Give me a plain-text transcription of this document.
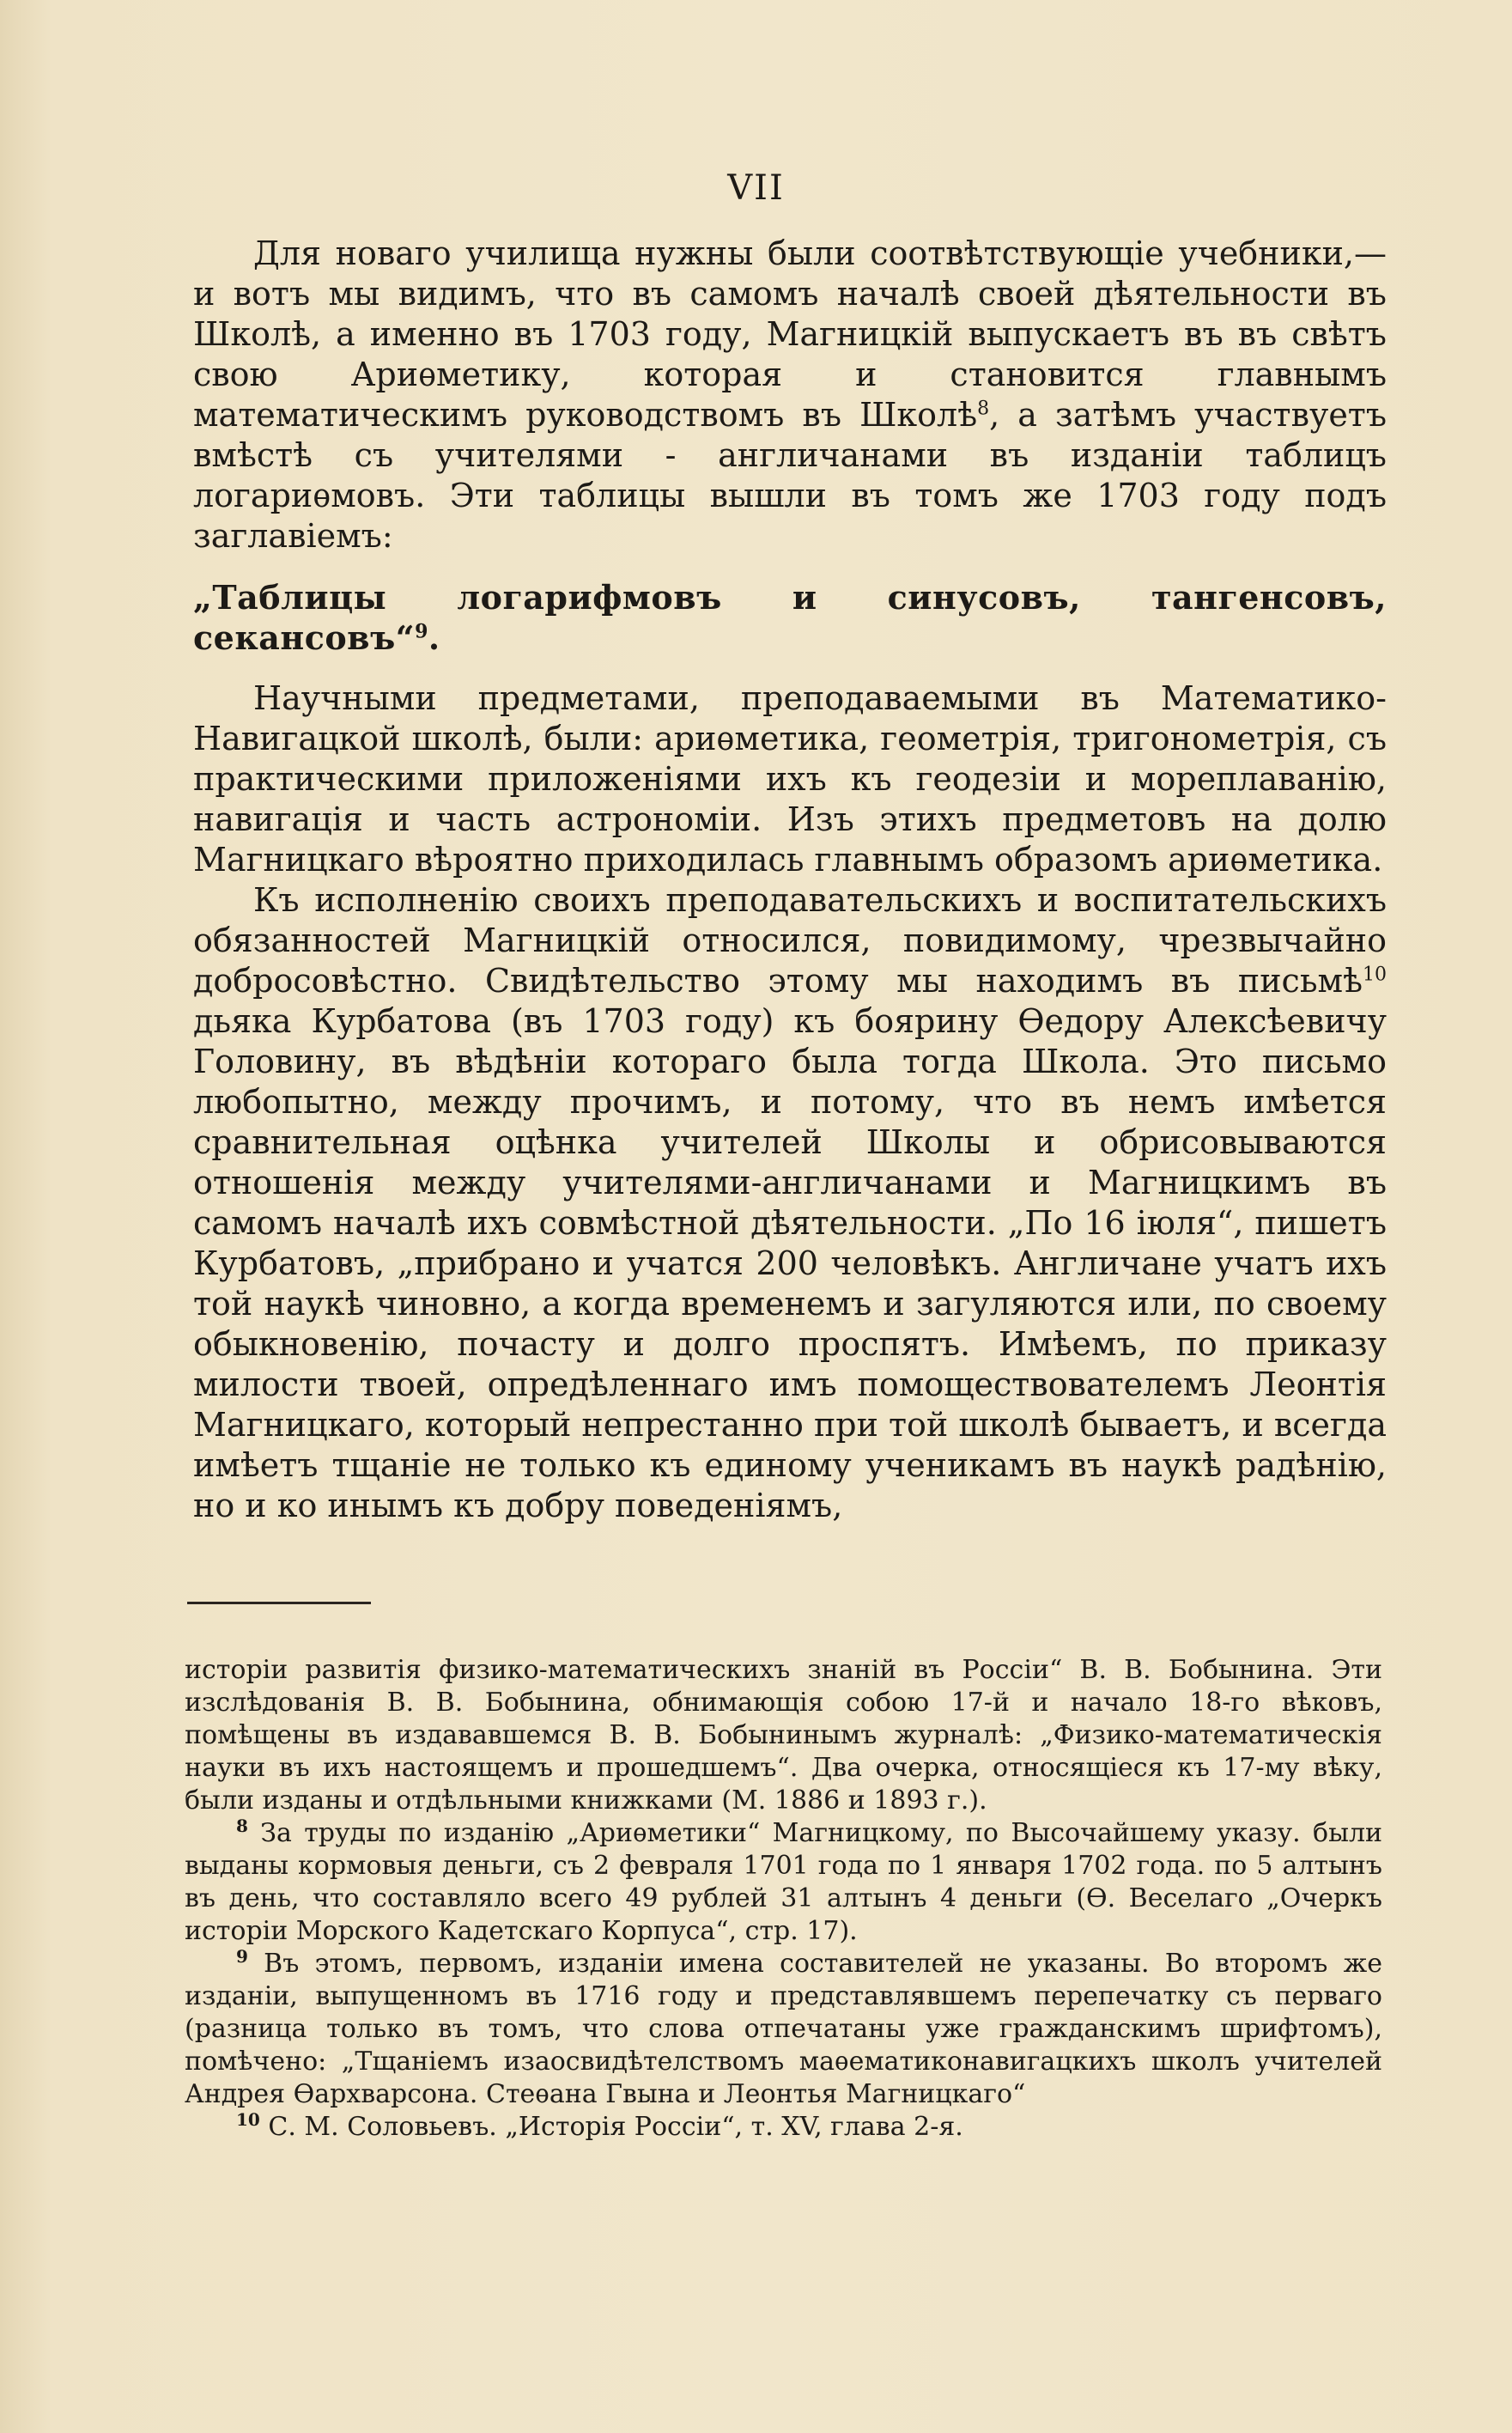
VII

Для новаго училища нужны были соотвѣтствующіе учебники,— и вотъ мы видимъ, что въ самомъ началѣ своей дѣятельности въ Школѣ, а именно въ 1703 году, Магницкій выпускаетъ въ въ свѣтъ свою Ариѳметику, которая и становится главнымъ математическимъ руководствомъ въ Школѣ$^8$, а затѣмъ участвуетъ вмѣстѣ съ учителями - англичанами въ изданіи таблицъ логариѳмовъ. Эти таблицы вышли въ томъ же 1703 году подъ заглавіемъ:

„Таблицы логарифмовъ и синусовъ, тангенсовъ, секансовъ“$^9$.

Научными предметами, преподаваемыми въ Математико-Навигацкой школѣ, были: ариѳметика, геометрія, тригонометрія, съ практическими приложеніями ихъ къ геодезіи и мореплаванію, навигація и часть астрономіи. Изъ этихъ предметовъ на долю Магницкаго вѣроятно приходилась главнымъ образомъ ариѳметика.

Къ исполненію своихъ преподавательскихъ и воспитательскихъ обязанностей Магницкій относился, повидимому, чрезвычайно добросовѣстно. Свидѣтельство этому мы находимъ въ письмѣ$^{10}$ дьяка Курбатова (въ 1703 году) къ боярину Ѳедору Алексѣевичу Головину, въ вѣдѣніи котораго была тогда Школа. Это письмо любопытно, между прочимъ, и потому, что въ немъ имѣется сравнительная оцѣнка учителей Школы и обрисовываются отношенія между учителями-англичанами и Магницкимъ въ самомъ началѣ ихъ совмѣстной дѣятельности. „По 16 іюля“, пишетъ Курбатовъ, „прибрано и учатся 200 человѣкъ. Англичане учатъ ихъ той наукѣ чиновно, а когда временемъ и загуляются или, по своему обыкновенію, почасту и долго проспятъ. Имѣемъ, по приказу милости твоей, опредѣленнаго имъ помоществователемъ Леонтія Магницкаго, который непрестанно при той школѣ бываетъ, и всегда имѣетъ тщаніе не только къ единому ученикамъ въ наукѣ радѣнію, но и ко инымъ къ добру поведеніямъ,

исторіи развитія физико-математическихъ знаній въ Россіи“ В. В. Бобынина. Эти изслѣдованія В. В. Бобынина, обнимающія собою 17-й и начало 18-го вѣковъ, помѣщены въ издававшемся В. В. Бобынинымъ журналѣ: „Физико-математическія науки въ ихъ настоящемъ и прошедшемъ“. Два очерка, относящіеся къ 17-му вѣку, были изданы и отдѣльными книжками (М. 1886 и 1893 г.).

$^8$ За труды по изданію „Ариѳметики“ Магницкому, по Высочайшему указу. были выданы кормовыя деньги, съ 2 февраля 1701 года по 1 января 1702 года. по 5 алтынъ въ день, что составляло всего 49 рублей 31 алтынъ 4 деньги (Ѳ. Веселаго „Очеркъ исторіи Морского Кадетскаго Корпуса“, стр. 17).

$^9$ Въ этомъ, первомъ, изданіи имена составителей не указаны. Во второмъ же изданіи, выпущенномъ въ 1716 году и представлявшемъ перепечатку съ перваго (разница только въ томъ, что слова отпечатаны уже гражданскимъ шрифтомъ), помѣчено: „Тщаніемъ изаосвидѣтелствомъ маѳематиконавигацкихъ школъ учителей Андрея Ѳархварсона. Стеѳана Гвына и Леонтья Магницкаго“

$^{10}$ С. М. Соловьевъ. „Исторія Россіи“, т. XV, глава 2-я.
